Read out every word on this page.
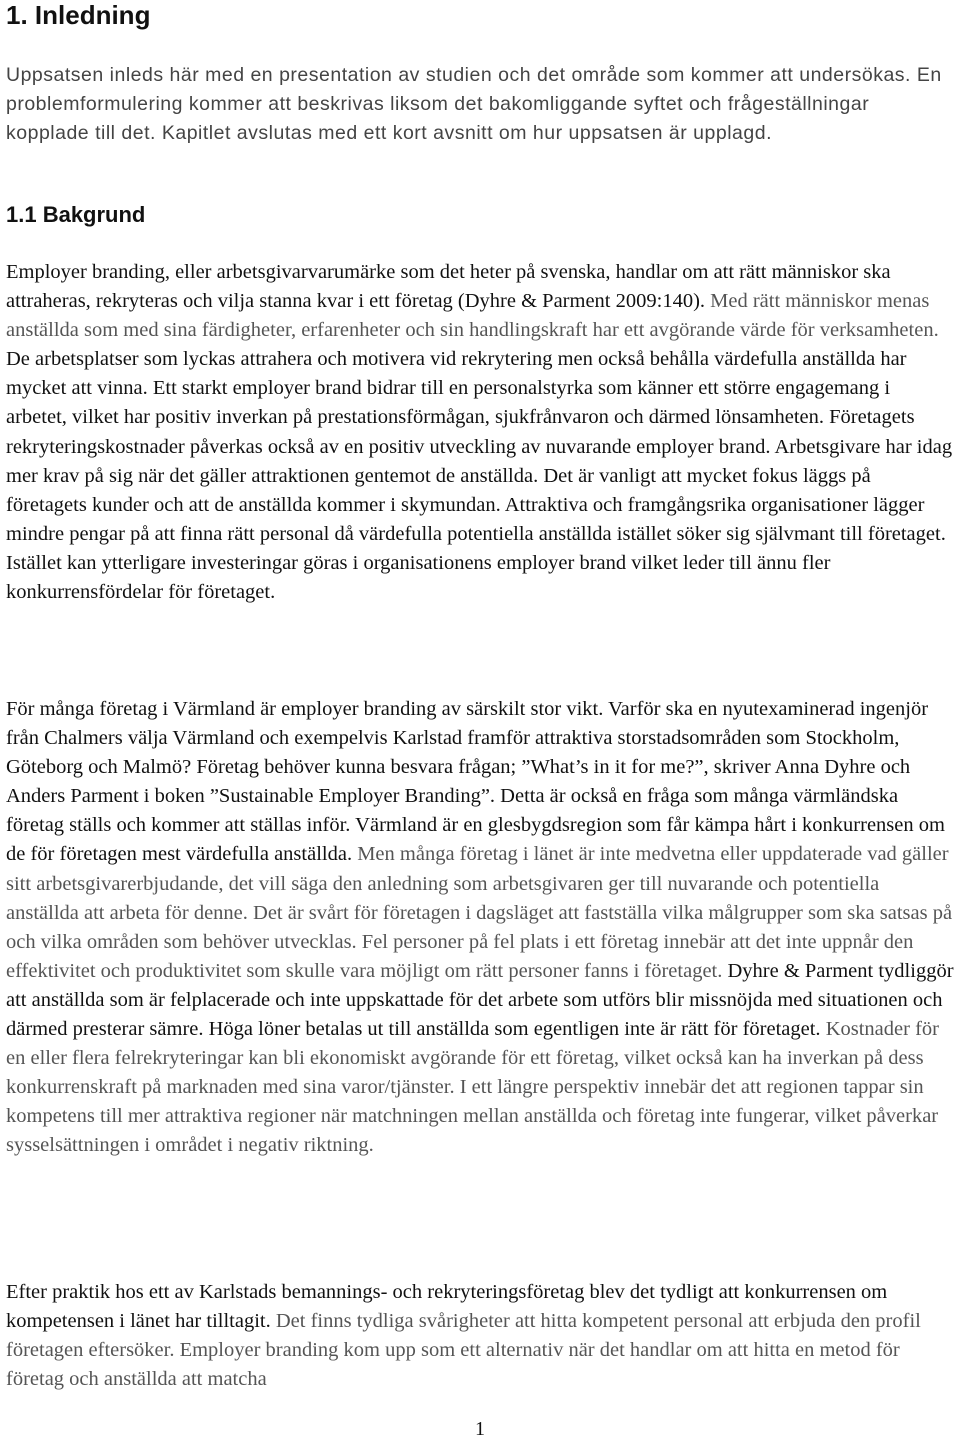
1. Inledning

Uppsatsen inleds här med en presentation av studien och det område som kommer att undersökas. En problemformulering kommer att beskrivas liksom det bakomliggande syftet och frågeställningar kopplade till det. Kapitlet avslutas med ett kort avsnitt om hur uppsatsen är upplagd.

1.1 Bakgrund

Employer branding, eller arbetsgivarvarumärke som det heter på svenska, handlar om att rätt människor ska attraheras, rekryteras och vilja stanna kvar i ett företag (Dyhre & Parment 2009:140). Med rätt människor menas anställda som med sina färdigheter, erfarenheter och sin handlingskraft har ett avgörande värde för verksamheten. De arbetsplatser som lyckas attrahera och motivera vid rekrytering men också behålla värdefulla anställda har mycket att vinna. Ett starkt employer brand bidrar till en personalstyrka som känner ett större engagemang i arbetet, vilket har positiv inverkan på prestationsförmågan, sjukfrånvaron och därmed lönsamheten. Företagets rekryteringskostnader påverkas också av en positiv utveckling av nuvarande employer brand. Arbetsgivare har idag mer krav på sig när det gäller attraktionen gentemot de anställda. Det är vanligt att mycket fokus läggs på företagets kunder och att de anställda kommer i skymundan. Attraktiva och framgångsrika organisationer lägger mindre pengar på att finna rätt personal då värdefulla potentiella anställda istället söker sig självmant till företaget. Istället kan ytterligare investeringar göras i organisationens employer brand vilket leder till ännu fler konkurrensfördelar för företaget.

För många företag i Värmland är employer branding av särskilt stor vikt. Varför ska en nyutexaminerad ingenjör från Chalmers välja Värmland och exempelvis Karlstad framför attraktiva storstadsområden som Stockholm, Göteborg och Malmö? Företag behöver kunna besvara frågan; ”What’s in it for me?”, skriver Anna Dyhre och Anders Parment i boken ”Sustainable Employer Branding”. Detta är också en fråga som många värmländska företag ställs och kommer att ställas inför. Värmland är en glesbygdsregion som får kämpa hårt i konkurrensen om de för företagen mest värdefulla anställda. Men många företag i länet är inte medvetna eller uppdaterade vad gäller sitt arbetsgivarerbjudande, det vill säga den anledning som arbetsgivaren ger till nuvarande och potentiella anställda att arbeta för denne. Det är svårt för företagen i dagsläget att fastställa vilka målgrupper som ska satsas på och vilka områden som behöver utvecklas. Fel personer på fel plats i ett företag innebär att det inte uppnår den effektivitet och produktivitet som skulle vara möjligt om rätt personer fanns i företaget. Dyhre & Parment tydliggör att anställda som är felplacerade och inte uppskattade för det arbete som utförs blir missnöjda med situationen och därmed presterar sämre. Höga löner betalas ut till anställda som egentligen inte är rätt för företaget. Kostnader för en eller flera felrekryteringar kan bli ekonomiskt avgörande för ett företag, vilket också kan ha inverkan på dess konkurrenskraft på marknaden med sina varor/tjänster. I ett längre perspektiv innebär det att regionen tappar sin kompetens till mer attraktiva regioner när matchningen mellan anställda och företag inte fungerar, vilket påverkar sysselsättningen i området i negativ riktning.

Efter praktik hos ett av Karlstads bemannings- och rekryteringsföretag blev det tydligt att konkurrensen om kompetensen i länet har tilltagit. Det finns tydliga svårigheter att hitta kompetent personal att erbjuda den profil företagen eftersöker. Employer branding kom upp som ett alternativ när det handlar om att hitta en metod för företag och anställda att matcha

1
